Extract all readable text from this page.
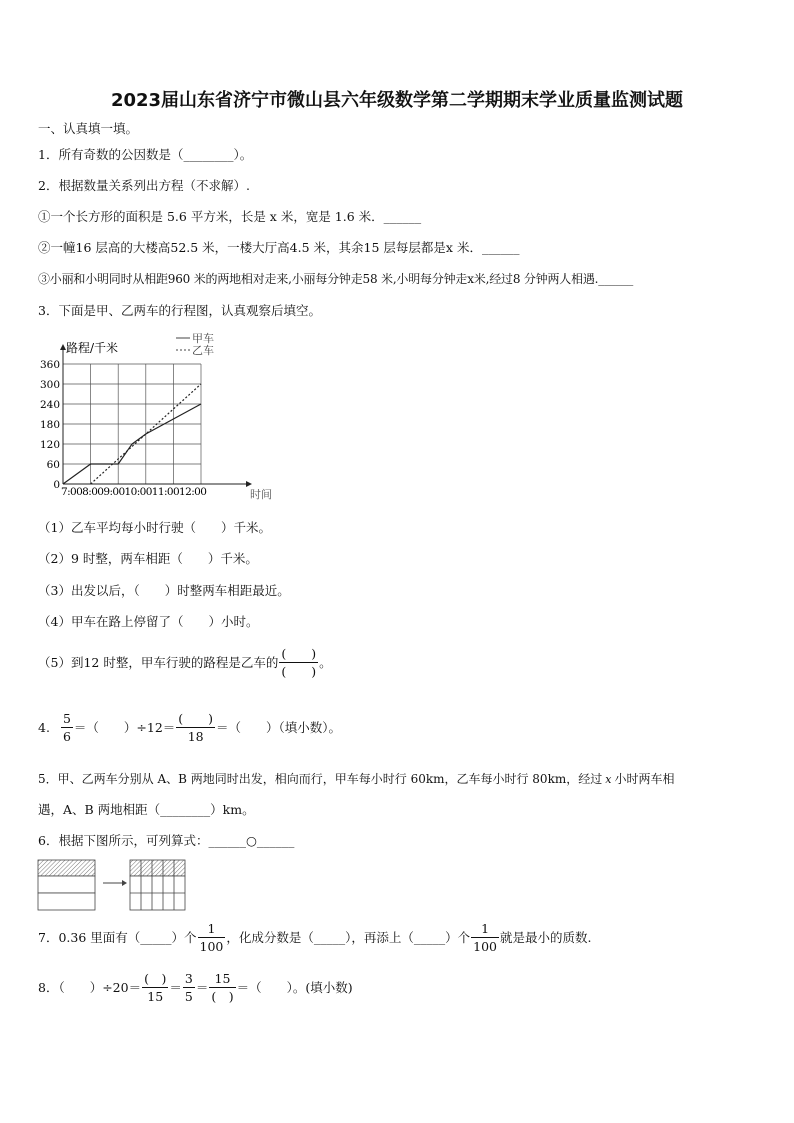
2023届山东省济宁市微山县六年级数学第二学期期末学业质量监测试题
一、认真填一填。
1．所有奇数的公因数是（________）。
2．根据数量关系列出方程（不求解）.
①一个长方形的面积是 5.6 平方米，长是 x 米，宽是 1.6 米．______
②一幢16 层高的大楼高52.5 米，一楼大厅高4.5 米，其余15 层每层都是x 米．______
③小丽和小明同时从相距960 米的两地相对走来,小丽每分钟走58 米,小明每分钟走x米,经过8 分钟两人相遇.______
3．下面是甲、乙两车的行程图，认真观察后填空。
0
60
120
180
240
300
360
甲车
乙车
路程/千米
时间
7:008:009:0010:0011:0012:00
（1）乙车平均每小时行驶（　　）千米。
（2）9 时整，两车相距（　　）千米。
（3）出发以后，（　　）时整两车相距最近。
（4）甲车在路上停留了（　　）小时。
（5）到12 时整，甲车行驶的路程是乙车的 $\frac{( )}{( )}$ 。
4. $\frac{5}{6}$ ＝（　　）$\div 12= \frac{( )}{18}$ ＝（　　）（填小数）。
5．甲、乙两车分别从 A、B 两地同时出发，相向而行，甲车每小时行 60km，乙车每小时行 80km，经过 x 小时两车相
遇，A、B 两地相距（________）km。
6．根据下图所示，可列算式：______○______
7．0.36 里面有（_____）个 $\frac{1}{100}$ ，化成分数是（_____），再添上（_____）个 $\frac{1}{100}$ 就是最小的质数.
8．（　　）$\div 20= \frac{( )}{15} = \frac{3}{5} = \frac{15}{( )}$ ＝（　　）。(填小数)
